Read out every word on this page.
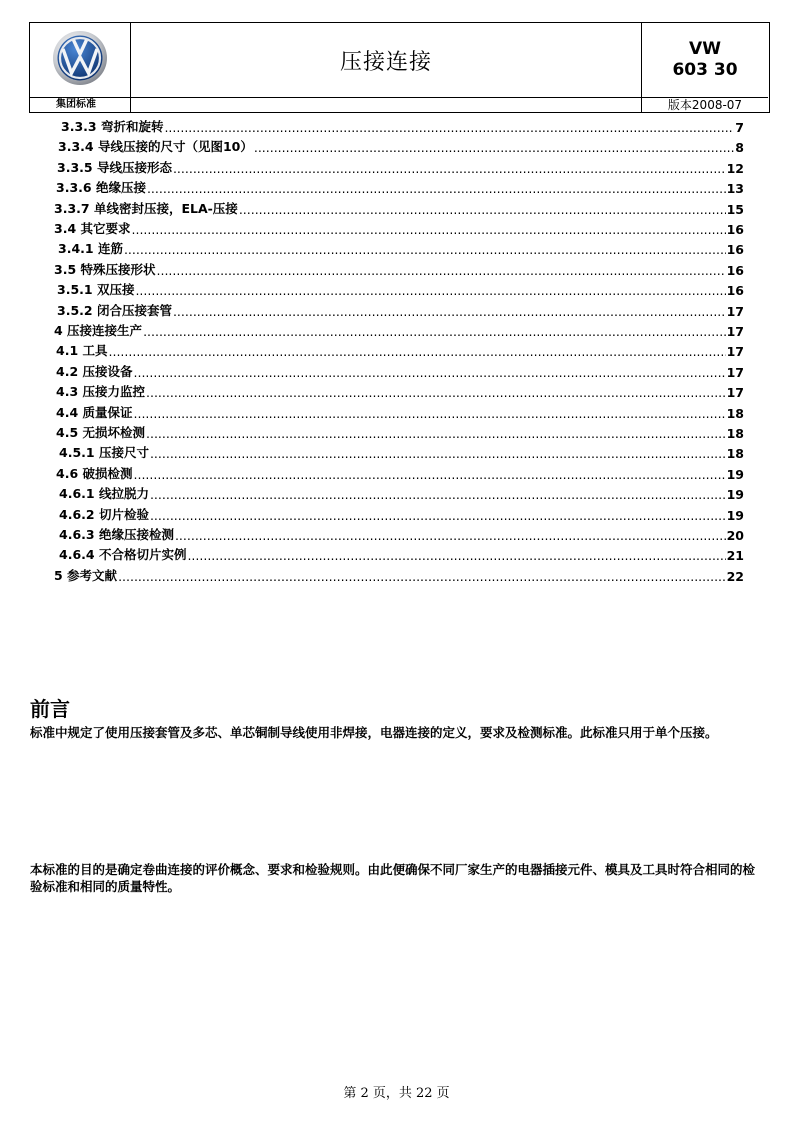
压接连接
VW
603 30
集团标准	版本2008-07
3.3.3 弯折和旋转 .....	7
3.3.4 导线压接的尺寸（见图10） .....	8
3.3.5 导线压接形态 .....	12
3.3.6 绝缘压接 .....	13
3.3.7 单线密封压接，ELA-压接 .....	15
3.4 其它要求 .....	16
3.4.1 连筋 .....	16
3.5 特殊压接形状 .....	16
3.5.1 双压接 .....	16
3.5.2 闭合压接套管 .....	17
4 压接连接生产 .....	17
4.1 工具 .....	17
4.2 压接设备 .....	17
4.3 压接力监控 .....	17
4.4 质量保证 .....	18
4.5 无损坏检测 .....	18
4.5.1 压接尺寸 .....	18
4.6 破损检测 .....	19
4.6.1 线拉脱力 .....	19
4.6.2 切片检验 .....	19
4.6.3 绝缘压接检测 .....	20
4.6.4 不合格切片实例 .....	21
5 参考文献 .....	22
前言
标准中规定了使用压接套管及多芯、单芯铜制导线使用非焊接，电器连接的定义，要求及检测标准。此标准只用于单个压接。
本标准的目的是确定卷曲连接的评价概念、要求和检验规则。由此便确保不同厂家生产的电器插接元件、模具及工具时符合相同的检验标准和相同的质量特性。
第 2 页，共 22 页
